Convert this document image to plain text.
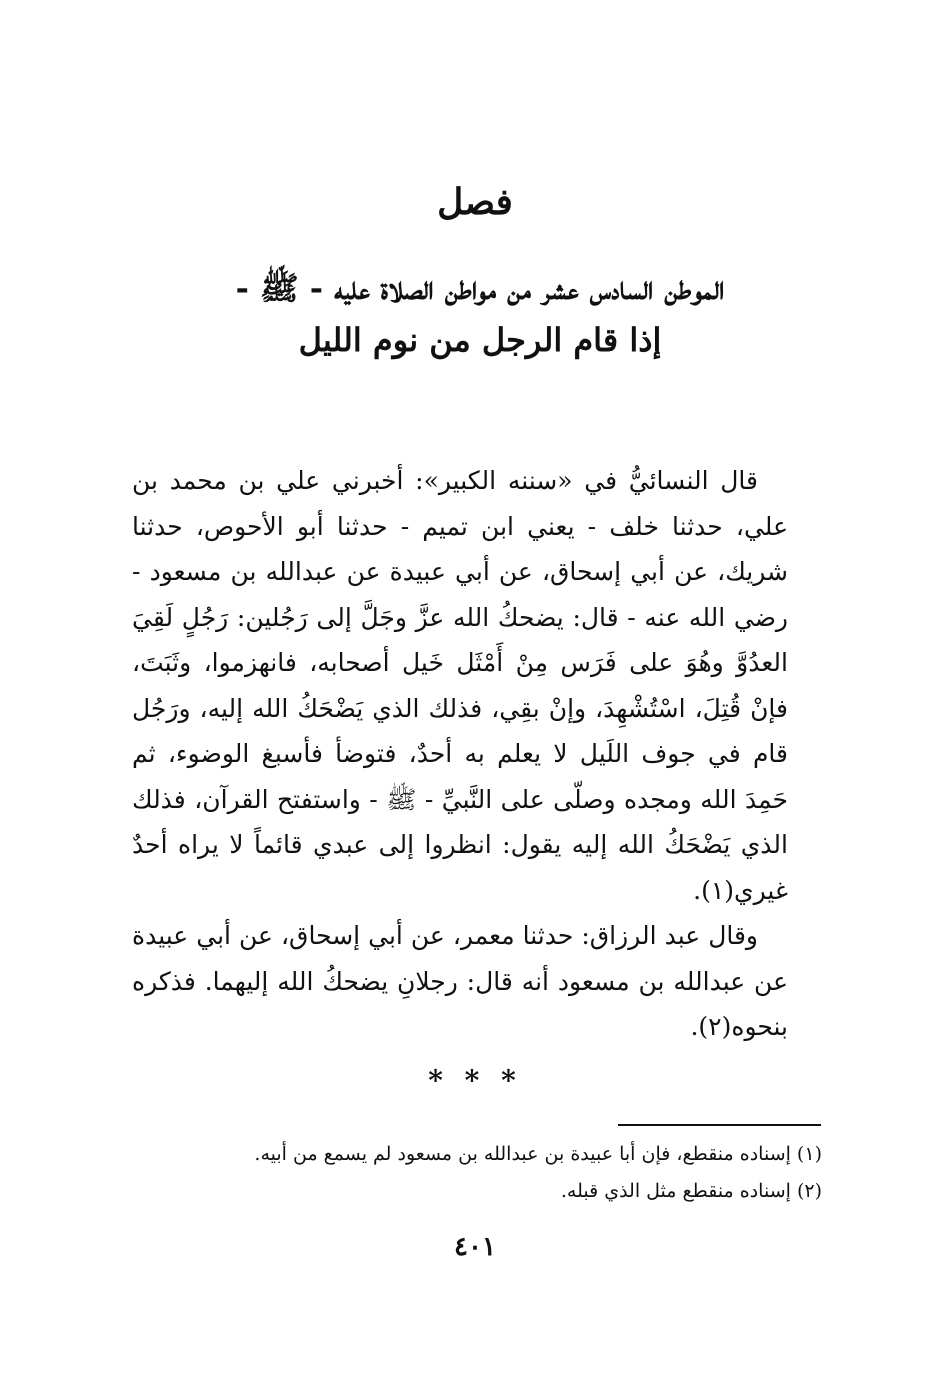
فصل
الموطن السادس عشر من مواطن الصلاة عليه - ﷺ -
إذا قام الرجل من نوم الليل

قال النسائيُّ في «سننه الكبير»: أخبرني علي بن محمد بن علي، حدثنا خلف - يعني ابن تميم - حدثنا أبو الأحوص، حدثنا شريك، عن أبي إسحاق، عن أبي عبيدة عن عبدالله بن مسعود - رضي الله عنه - قال: يضحكُ الله عزَّ وجَلَّ إلى رَجُلين: رَجُلٍ لَقِيَ العدُوَّ وهُوَ على فَرَس مِنْ أَمْثَل خَيل أصحابه، فانهزموا، وثَبَتَ، فإنْ قُتِلَ، اسْتُشْهِدَ، وإنْ بقِي، فذلك الذي يَضْحَكُ الله إليه، ورَجُل قام في جوف اللَيل لا يعلم به أحدٌ، فتوضأ فأسبغ الوضوء، ثم حَمِدَ الله ومجده وصلّى على النَّبيِّ - ﷺ - واستفتح القرآن، فذلك الذي يَضْحَكُ الله إليه يقول: انظروا إلى عبدي قائماً لا يراه أحدٌ غيري(١).

وقال عبد الرزاق: حدثنا معمر، عن أبي إسحاق، عن أبي عبيدة عن عبدالله بن مسعود أنه قال: رجلانِ يضحكُ الله إليهما. فذكره بنحوه(٢).

* * *
(١) إسناده منقطع، فإن أبا عبيدة بن عبدالله بن مسعود لم يسمع من أبيه.
(٢) إسناده منقطع مثل الذي قبله.
٤٠١
